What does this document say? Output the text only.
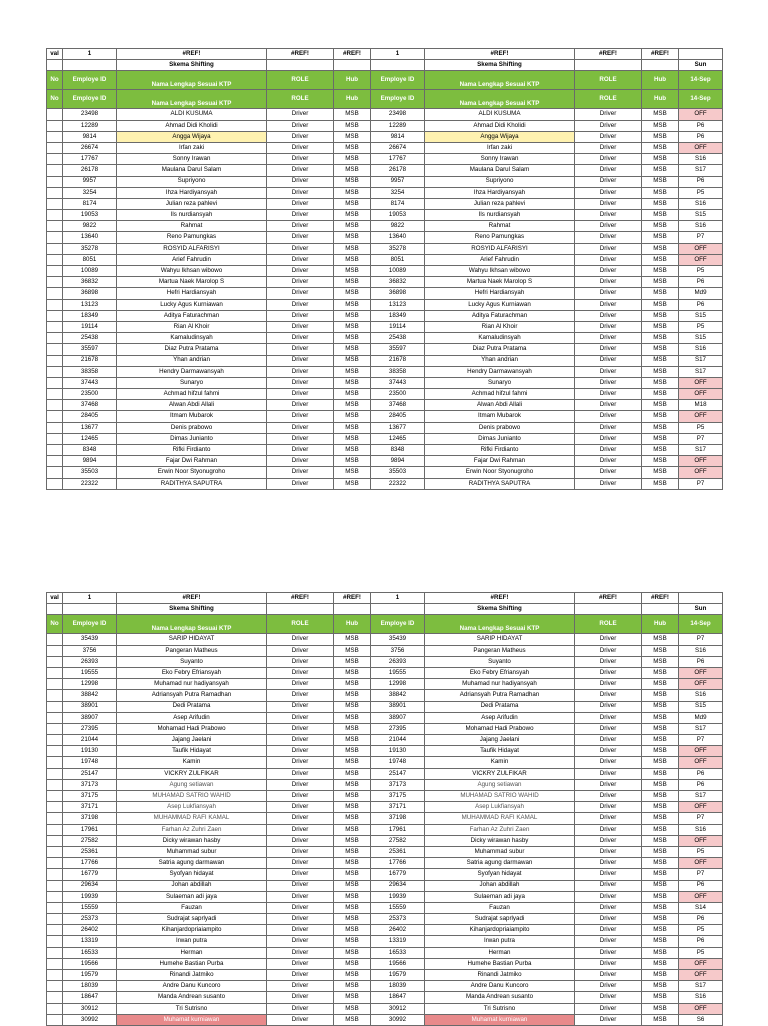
val	1	#REF!	#REF!	#REF!	1	#REF!	#REF!	#REF!	
		Skema Shifting				Skema Shifting			Sun
No	Employe ID	Nama Lengkap Sesuai KTP	ROLE	Hub	Employe ID	Nama Lengkap Sesuai KTP	ROLE	Hub	14-Sep
No	Employe ID	Nama Lengkap Sesuai KTP	ROLE	Hub	Employe ID	Nama Lengkap Sesuai KTP	ROLE	Hub	14-Sep
	23498	ALDI KUSUMA	Driver	MSB	23498	ALDI KUSUMA	Driver	MSB	OFF
	12289	Ahmad Didi Kholidi	Driver	MSB	12289	Ahmad Didi Kholidi	Driver	MSB	P6
	9814	Angga Wijaya	Driver	MSB	9814	Angga Wijaya	Driver	MSB	P6
	26674	Irfan zaki	Driver	MSB	26674	Irfan zaki	Driver	MSB	OFF
	17767	Sonny Irawan	Driver	MSB	17767	Sonny Irawan	Driver	MSB	S16
	26178	Maulana Darul Salam	Driver	MSB	26178	Maulana Darul Salam	Driver	MSB	S17
	9957	Supriyono	Driver	MSB	9957	Supriyono	Driver	MSB	P6
	3254	Ihza Hardiyansyah	Driver	MSB	3254	Ihza Hardiyansyah	Driver	MSB	P5
	8174	Julian reza pahlevi	Driver	MSB	8174	Julian reza pahlevi	Driver	MSB	S16
	19053	Ils nurdiansyah	Driver	MSB	19053	Ils nurdiansyah	Driver	MSB	S15
	9822	Rahmat	Driver	MSB	9822	Rahmat	Driver	MSB	S16
	13640	Reno Pamungkas	Driver	MSB	13640	Reno Pamungkas	Driver	MSB	P7
	35278	ROSYID ALFARISYI	Driver	MSB	35278	ROSYID ALFARISYI	Driver	MSB	OFF
	8051	Arief Fahrudin	Driver	MSB	8051	Arief Fahrudin	Driver	MSB	OFF
	10089	Wahyu Ikhsan wibowo	Driver	MSB	10089	Wahyu Ikhsan wibowo	Driver	MSB	P5
	36832	Martua Naek Marolop S	Driver	MSB	36832	Martua Naek Marolop S	Driver	MSB	P6
	36898	Hefri Hardiansyah	Driver	MSB	36898	Hefri Hardiansyah	Driver	MSB	Md9
	13123	Lucky Agus Kurniawan	Driver	MSB	13123	Lucky Agus Kurniawan	Driver	MSB	P6
	18349	Aditya Faturachman	Driver	MSB	18349	Aditya Faturachman	Driver	MSB	S15
	19114	Rian Al Khoir	Driver	MSB	19114	Rian Al Khoir	Driver	MSB	P5
	25438	Kamaludinsyah	Driver	MSB	25438	Kamaludinsyah	Driver	MSB	S15
	35597	Diaz Putra Pratama	Driver	MSB	35597	Diaz Putra Pratama	Driver	MSB	S16
	21678	Yhan andrian	Driver	MSB	21678	Yhan andrian	Driver	MSB	S17
	38358	Hendry Darmawansyah	Driver	MSB	38358	Hendry Darmawansyah	Driver	MSB	S17
	37443	Sunaryo	Driver	MSB	37443	Sunaryo	Driver	MSB	OFF
	23500	Achmad hifzul fahmi	Driver	MSB	23500	Achmad hifzul fahmi	Driver	MSB	OFF
	37468	Alwan Abdi Allali	Driver	MSB	37468	Alwan Abdi Allali	Driver	MSB	M18
	28405	Itmam Mubarok	Driver	MSB	28405	Itmam Mubarok	Driver	MSB	OFF
	13677	Denis prabowo	Driver	MSB	13677	Denis prabowo	Driver	MSB	P5
	12465	Dimas Junianto	Driver	MSB	12465	Dimas Junianto	Driver	MSB	P7
	8348	Rifki Firdianto	Driver	MSB	8348	Rifki Firdianto	Driver	MSB	S17
	9894	Fajar Dwi Rahman	Driver	MSB	9894	Fajar Dwi Rahman	Driver	MSB	OFF
	35503	Erwin Noor Styonugroho	Driver	MSB	35503	Erwin Noor Styonugroho	Driver	MSB	OFF
	22322	RADITHYA SAPUTRA	Driver	MSB	22322	RADITHYA SAPUTRA	Driver	MSB	P7
val	1	#REF!	#REF!	#REF!	1	#REF!	#REF!	#REF!	
		Skema Shifting				Skema Shifting			Sun
No	Employe ID	Nama Lengkap Sesuai KTP	ROLE	Hub	Employe ID	Nama Lengkap Sesuai KTP	ROLE	Hub	14-Sep
	35439	SARIP HIDAYAT	Driver	MSB	35439	SARIP HIDAYAT	Driver	MSB	P7
	3756	Pangeran Matheus	Driver	MSB	3756	Pangeran Matheus	Driver	MSB	S16
	26393	Suyanto	Driver	MSB	26393	Suyanto	Driver	MSB	P6
	19555	Eko Febry Efriansyah	Driver	MSB	19555	Eko Febry Efriansyah	Driver	MSB	OFF
	12998	Muhamad nur hadiyansyah	Driver	MSB	12998	Muhamad nur hadiyansyah	Driver	MSB	OFF
	38842	Adriansyah Putra Ramadhan	Driver	MSB	38842	Adriansyah Putra Ramadhan	Driver	MSB	S16
	38901	Dedi Pratama	Driver	MSB	38901	Dedi Pratama	Driver	MSB	S15
	38907	Asep Arifudin	Driver	MSB	38907	Asep Arifudin	Driver	MSB	Md9
	27395	Mohamad Hadi Prabowo	Driver	MSB	27395	Mohamad Hadi Prabowo	Driver	MSB	S17
	21044	Jajang Jaelani	Driver	MSB	21044	Jajang Jaelani	Driver	MSB	P7
	19130	Taufik Hidayat	Driver	MSB	19130	Taufik Hidayat	Driver	MSB	OFF
	19748	Kamin	Driver	MSB	19748	Kamin	Driver	MSB	OFF
	25147	VICKRY ZULFIKAR	Driver	MSB	25147	VICKRY ZULFIKAR	Driver	MSB	P6
	37173	Agung setiawan	Driver	MSB	37173	Agung setiawan	Driver	MSB	P6
	37175	MUHAMAD SATRIO WAHID	Driver	MSB	37175	MUHAMAD SATRIO WAHID	Driver	MSB	S17
	37171	Asep Lukfiansyah	Driver	MSB	37171	Asep Lukfiansyah	Driver	MSB	OFF
	37198	MUHAMMAD RAFI KAMAL	Driver	MSB	37198	MUHAMMAD RAFI KAMAL	Driver	MSB	P7
	17961	Farhan Az Zuhri Zaen	Driver	MSB	17961	Farhan Az Zuhri Zaen	Driver	MSB	S16
	27582	Dicky wirawan hasby	Driver	MSB	27582	Dicky wirawan hasby	Driver	MSB	OFF
	25361	Muhammad subur	Driver	MSB	25361	Muhammad subur	Driver	MSB	P5
	17766	Satria agung darmawan	Driver	MSB	17766	Satria agung darmawan	Driver	MSB	OFF
	16779	Syofyan hidayat	Driver	MSB	16779	Syofyan hidayat	Driver	MSB	P7
	29634	Johan abdillah	Driver	MSB	29634	Johan abdillah	Driver	MSB	P6
	19939	Sulaeman adi jaya	Driver	MSB	19939	Sulaeman adi jaya	Driver	MSB	OFF
	15559	Fauzan	Driver	MSB	15559	Fauzan	Driver	MSB	S14
	25373	Sudrajat saprlyadi	Driver	MSB	25373	Sudrajat saprlyadi	Driver	MSB	P6
	26402	Kihanjardopriaiampito	Driver	MSB	26402	Kihanjardopriaiampito	Driver	MSB	P5
	13319	Irwan putra	Driver	MSB	13319	Irwan putra	Driver	MSB	P6
	16533	Herman	Driver	MSB	16533	Herman	Driver	MSB	P5
	19566	Humehe Bastian Purba	Driver	MSB	19566	Humehe Bastian Purba	Driver	MSB	OFF
	19579	Rinandi Jatmiko	Driver	MSB	19579	Rinandi Jatmiko	Driver	MSB	OFF
	18039	Andre Danu Kuncoro	Driver	MSB	18039	Andre Danu Kuncoro	Driver	MSB	S17
	18647	Manda Andrean susanto	Driver	MSB	18647	Manda Andrean susanto	Driver	MSB	S16
	30912	Tri Sutrisno	Driver	MSB	30912	Tri Sutrisno	Driver	MSB	OFF
	30992	Muhamat kurniawan	Driver	MSB	30992	Muhamat kurniawan	Driver	MSB	S6
